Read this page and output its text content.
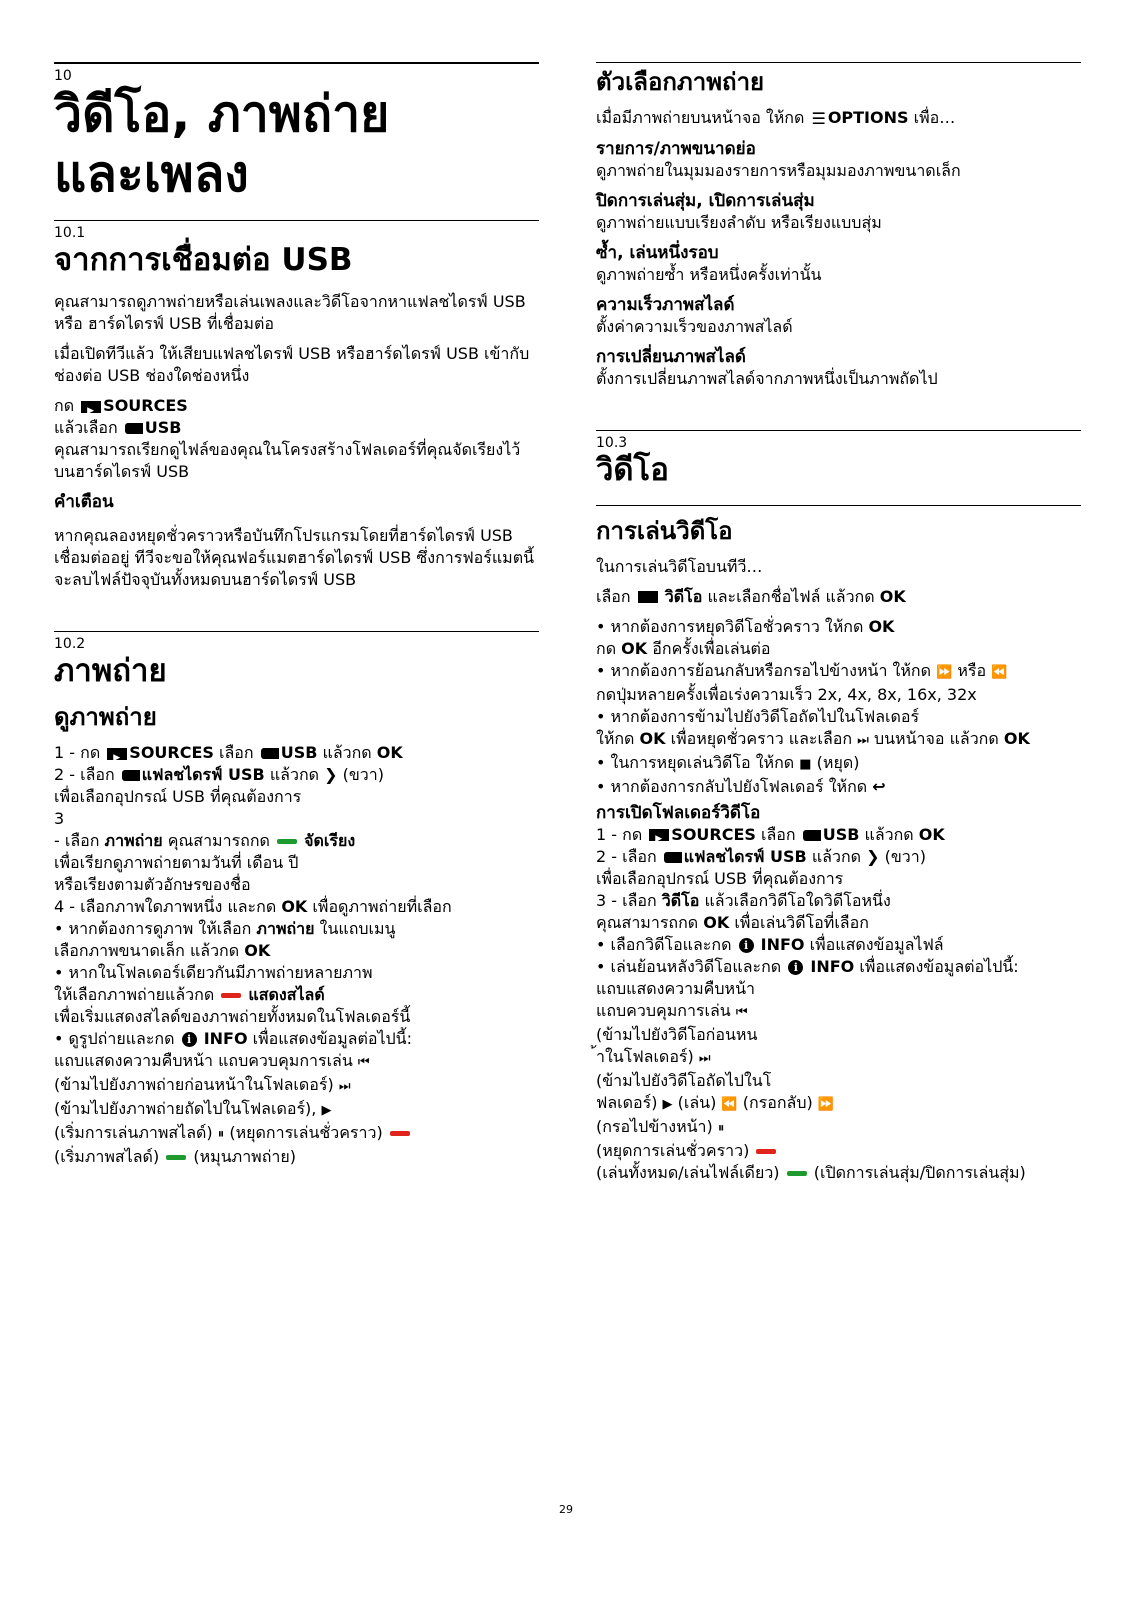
10
วิดีโอ, ภาพถ่าย
และเพลง
10.1
จากการเชื่อมต่อ USB

คุณสามารถดูภาพถ่ายหรือเล่นเพลงและวิดีโอจากหาแฟลชไดรฟ์ USB หรือ ฮาร์ดไดรฟ์ USB ที่เชื่อมต่อ

เมื่อเปิดทีวีแล้ว ให้เสียบแฟลชไดรฟ์ USB หรือฮาร์ดไดรฟ์ USB เข้ากับช่องต่อ USB ช่องใดช่องหนึ่ง

กด ▶ SOURCES

แล้วเลือก USB

คุณสามารถเรียกดูไฟล์ของคุณในโครงสร้างโฟลเดอร์ที่คุณจัดเรียงไว้บนฮาร์ดไดรฟ์ USB

คำเตือน

หากคุณลองหยุดชั่วคราวหรือบันทึกโปรแกรมโดยที่ฮาร์ดไดรฟ์ USB เชื่อมต่ออยู่ ทีวีจะขอให้คุณฟอร์แมตฮาร์ดไดรฟ์ USB ซึ่งการฟอร์แมตนี้จะลบไฟล์ปัจจุบันทั้งหมดบนฮาร์ดไดรฟ์ USB

10.2
ภาพถ่าย
ดูภาพถ่าย

1 - กด ▶ SOURCES เลือก USB แล้วกด OK

2 - เลือก แฟลชไดรฟ์ USB แล้วกด ❯ (ขวา)

เพื่อเลือกอุปกรณ์ USB ที่คุณต้องการ

3

- เลือก ภาพถ่าย คุณสามารถกด จัดเรียง

เพื่อเรียกดูภาพถ่ายตามวันที่ เดือน ปี

หรือเรียงตามตัวอักษรของชื่อ

4 - เลือกภาพใดภาพหนึ่ง และกด OK เพื่อดูภาพถ่ายที่เลือก

• หากต้องการดูภาพ ให้เลือก ภาพถ่าย ในแถบเมนู

เลือกภาพขนาดเล็ก แล้วกด OK

• หากในโฟลเดอร์เดียวกันมีภาพถ่ายหลายภาพ

ให้เลือกภาพถ่ายแล้วกด แสดงสไลด์

เพื่อเริ่มแสดงสไลด์ของภาพถ่ายทั้งหมดในโฟลเดอร์นี้

• ดูรูปถ่ายและกด i INFO เพื่อแสดงข้อมูลต่อไปนี้:

แถบแสดงความคืบหน้า แถบควบคุมการเล่น ⏮

(ข้ามไปยังภาพถ่ายก่อนหน้าในโฟลเดอร์) ⏭

(ข้ามไปยังภาพถ่ายถัดไปในโฟลเดอร์), ▶

(เริ่มการเล่นภาพสไลด์) ⏸ (หยุดการเล่นชั่วคราว)

(เริ่มภาพสไลด์) (หมุนภาพถ่าย)

ตัวเลือกภาพถ่าย

เมื่อมีภาพถ่ายบนหน้าจอ ให้กด ☰ OPTIONS เพื่อ…

รายการ/ภาพขนาดย่อ

ดูภาพถ่ายในมุมมองรายการหรือมุมมองภาพขนาดเล็ก

ปิดการเล่นสุ่ม, เปิดการเล่นสุ่ม

ดูภาพถ่ายแบบเรียงลำดับ หรือเรียงแบบสุ่ม

ซ้ำ, เล่นหนึ่งรอบ

ดูภาพถ่ายซ้ำ หรือหนึ่งครั้งเท่านั้น

ความเร็วภาพสไลด์

ตั้งค่าความเร็วของภาพสไลด์

การเปลี่ยนภาพสไลด์

ตั้งการเปลี่ยนภาพสไลด์จากภาพหนึ่งเป็นภาพถัดไป

10.3
วิดีโอ
การเล่นวิดีโอ

ในการเล่นวิดีโอบนทีวี…

เลือก วิดีโอ และเลือกชื่อไฟล์ แล้วกด OK

• หากต้องการหยุดวิดีโอชั่วคราว ให้กด OK

กด OK อีกครั้งเพื่อเล่นต่อ

• หากต้องการย้อนกลับหรือกรอไปข้างหน้า ให้กด ⏩ หรือ ⏪

กดปุ่มหลายครั้งเพื่อเร่งความเร็ว 2x, 4x, 8x, 16x, 32x

• หากต้องการข้ามไปยังวิดีโอถัดไปในโฟลเดอร์

ให้กด OK เพื่อหยุดชั่วคราว และเลือก ⏭ บนหน้าจอ แล้วกด OK

• ในการหยุดเล่นวิดีโอ ให้กด ■ (หยุด)

• หากต้องการกลับไปยังโฟลเดอร์ ให้กด ↩

การเปิดโฟลเดอร์วิดีโอ

1 - กด ▶ SOURCES เลือก USB แล้วกด OK

2 - เลือก แฟลชไดรฟ์ USB แล้วกด ❯ (ขวา)

เพื่อเลือกอุปกรณ์ USB ที่คุณต้องการ

3 - เลือก วิดีโอ แล้วเลือกวิดีโอใดวิดีโอหนึ่ง

คุณสามารถกด OK เพื่อเล่นวิดีโอที่เลือก

• เลือกวิดีโอและกด i INFO เพื่อแสดงข้อมูลไฟล์

• เล่นย้อนหลังวิดีโอและกด i INFO เพื่อแสดงข้อมูลต่อไปนี้:

แถบแสดงความคืบหน้า

แถบควบคุมการเล่น ⏮

(ข้ามไปยังวิดีโอก่อนหน

้าในโฟลเดอร์) ⏭

(ข้ามไปยังวิดีโอถัดไปในโ

ฟลเดอร์) ▶ (เล่น) ⏪ (กรอกลับ) ⏩

(กรอไปข้างหน้า) ⏸

(หยุดการเล่นชั่วคราว)

(เล่นทั้งหมด/เล่นไฟล์เดียว) (เปิดการเล่นสุ่ม/ปิดการเล่นสุ่ม)

29
